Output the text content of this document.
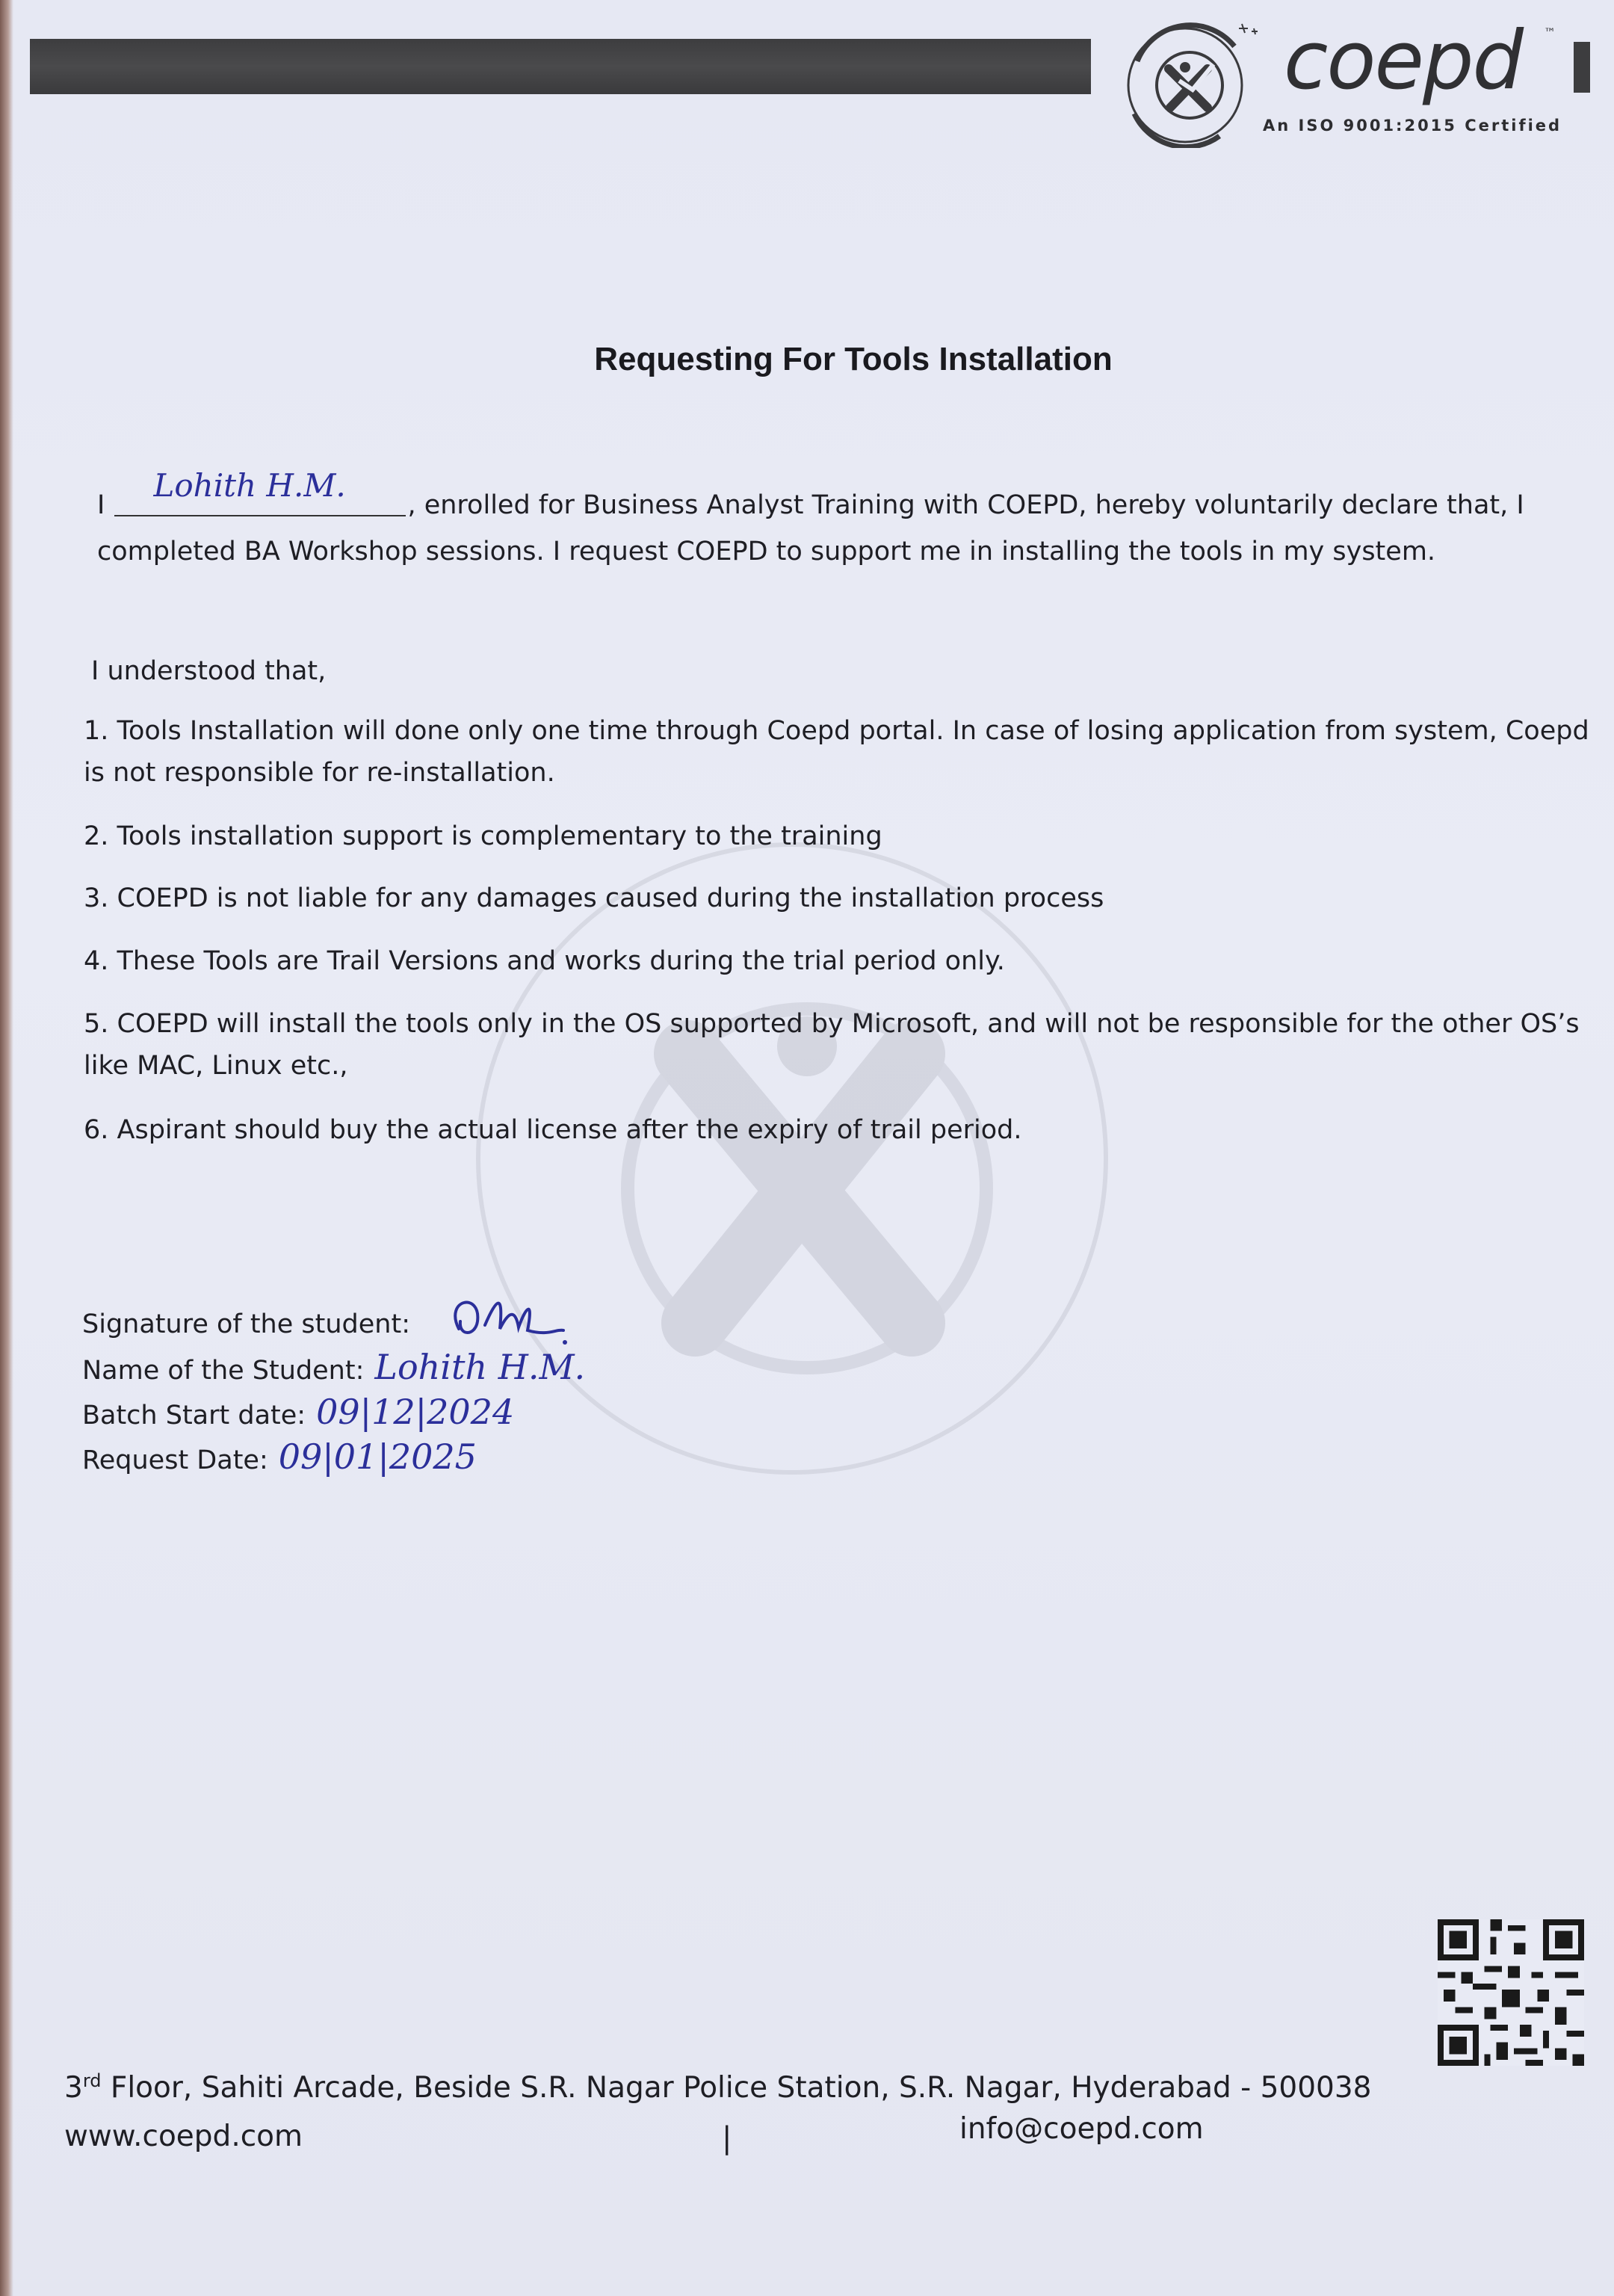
coepd ™
An ISO 9001:2015 Certified
Requesting For Tools Installation
I
Lohith H.M.
, enrolled for Business Analyst Training with COEPD, hereby voluntarily declare that, I completed BA Workshop sessions. I request COEPD to support me in installing the tools in my system.
I understood that,
1. Tools Installation will done only one time through Coepd portal. In case of losing application from system, Coepd is not responsible for re-installation.
2. Tools installation support is complementary to the training
3. COEPD is not liable for any damages caused during the installation process
4. These Tools are Trail Versions and works during the trial period only.
5. COEPD will install the tools only in the OS supported by Microsoft, and will not be responsible for the other OS’s like MAC, Linux etc.,
6. Aspirant should buy the actual license after the expiry of trail period.
Signature of the student:
Name of the Student: Lohith H.M.
Batch Start date: 09|12|2024
Request Date: 09|01|2025
3rd Floor, Sahiti Arcade, Beside S.R. Nagar Police Station, S.R. Nagar, Hyderabad - 500038
www.coepd.com	|	info@coepd.com
